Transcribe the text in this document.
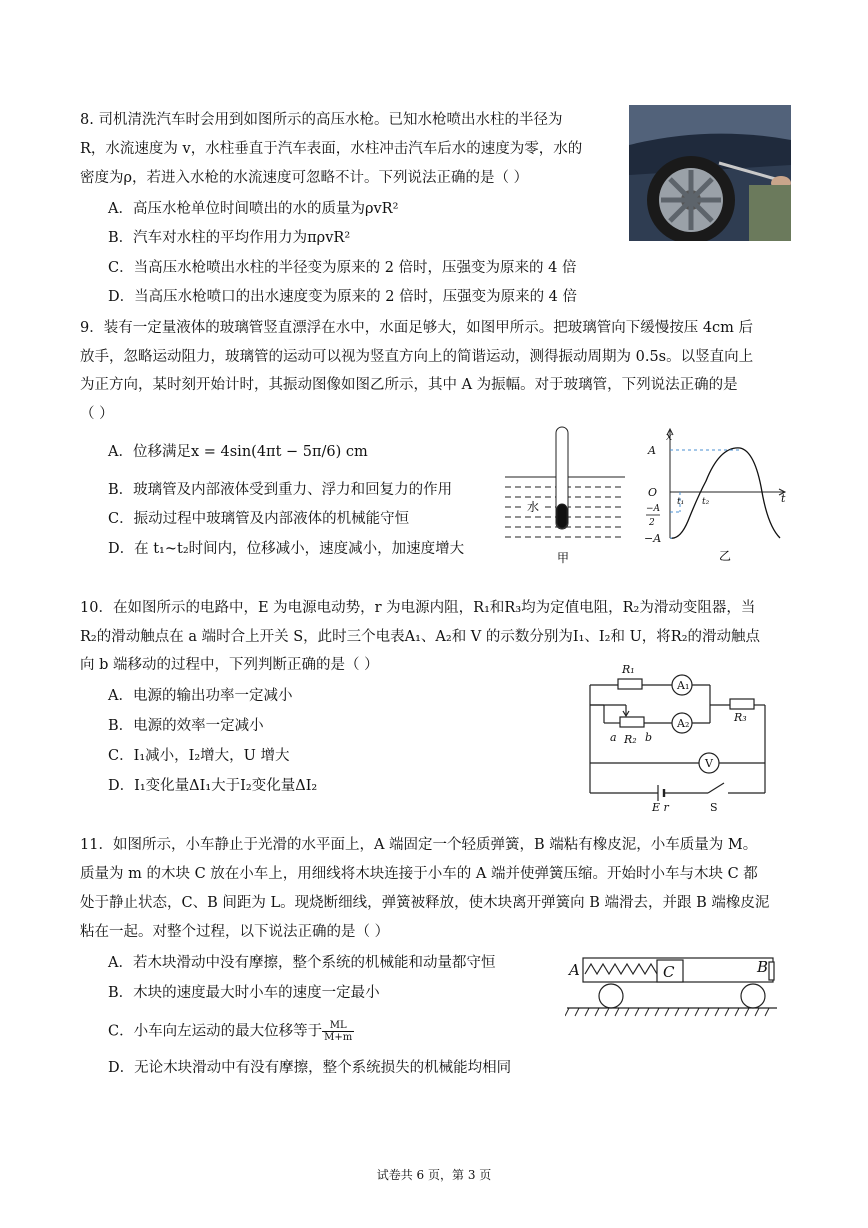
8. 司机清洗汽车时会用到如图所示的高压水枪。已知水枪喷出水柱的半径为
R，水流速度为 v，水柱垂直于汽车表面，水柱冲击汽车后水的速度为零，水的
密度为ρ，若进入水枪的水流速度可忽略不计。下列说法正确的是（ ）
A．高压水枪单位时间喷出的水的质量为ρvR²
B．汽车对水柱的平均作用力为πρvR²
C．当高压水枪喷出水柱的半径变为原来的 2 倍时，压强变为原来的 4 倍
D．当高压水枪喷口的出水速度变为原来的 2 倍时，压强变为原来的 4 倍
9．装有一定量液体的玻璃管竖直漂浮在水中，水面足够大，如图甲所示。把玻璃管向下缓慢按压 4cm 后
放手，忽略运动阻力，玻璃管的运动可以视为竖直方向上的简谐运动，测得振动周期为 0.5s。以竖直向上
为正方向，某时刻开始计时，其振动图像如图乙所示，其中 A 为振幅。对于玻璃管，下列说法正确的是
（ ）
A．位移满足x = 4sin(4πt − 5π/6) cm
B．玻璃管及内部液体受到重力、浮力和回复力的作用
C．振动过程中玻璃管及内部液体的机械能守恒
D．在 t₁~t₂时间内，位移减小，速度减小，加速度增大
水
甲
x
A
O	t
t₁ t₂
−A
2
−A
乙
10．在如图所示的电路中，E 为电源电动势，r 为电源内阻，R₁和R₃均为定值电阻，R₂为滑动变阻器，当
R₂的滑动触点在 a 端时合上开关 S，此时三个电表A₁、A₂和 V 的示数分别为I₁、I₂和 U，将R₂的滑动触点
向 b 端移动的过程中，下列判断正确的是（ ）
A．电源的输出功率一定减小
B．电源的效率一定减小
C．I₁减小，I₂增大，U 增大
D．I₁变化量ΔI₁大于I₂变化量ΔI₂
R₁
A₁
A₂	R₃
a R₂ b
V
E r	S
11．如图所示，小车静止于光滑的水平面上，A 端固定一个轻质弹簧，B 端粘有橡皮泥，小车质量为 M。
质量为 m 的木块 C 放在小车上，用细线将木块连接于小车的 A 端并使弹簧压缩。开始时小车与木块 C 都
处于静止状态，C、B 间距为 L。现烧断细线，弹簧被释放，使木块离开弹簧向 B 端滑去，并跟 B 端橡皮泥
粘在一起。对整个过程，以下说法正确的是（ ）
A．若木块滑动中没有摩擦，整个系统的机械能和动量都守恒
B．木块的速度最大时小车的速度一定最小
C．小车向左运动的最大位移等于 $\frac{ML}{M+m}$
D．无论木块滑动中有没有摩擦，整个系统损失的机械能均相同
A	C	B
试卷共 6 页，第 3 页
